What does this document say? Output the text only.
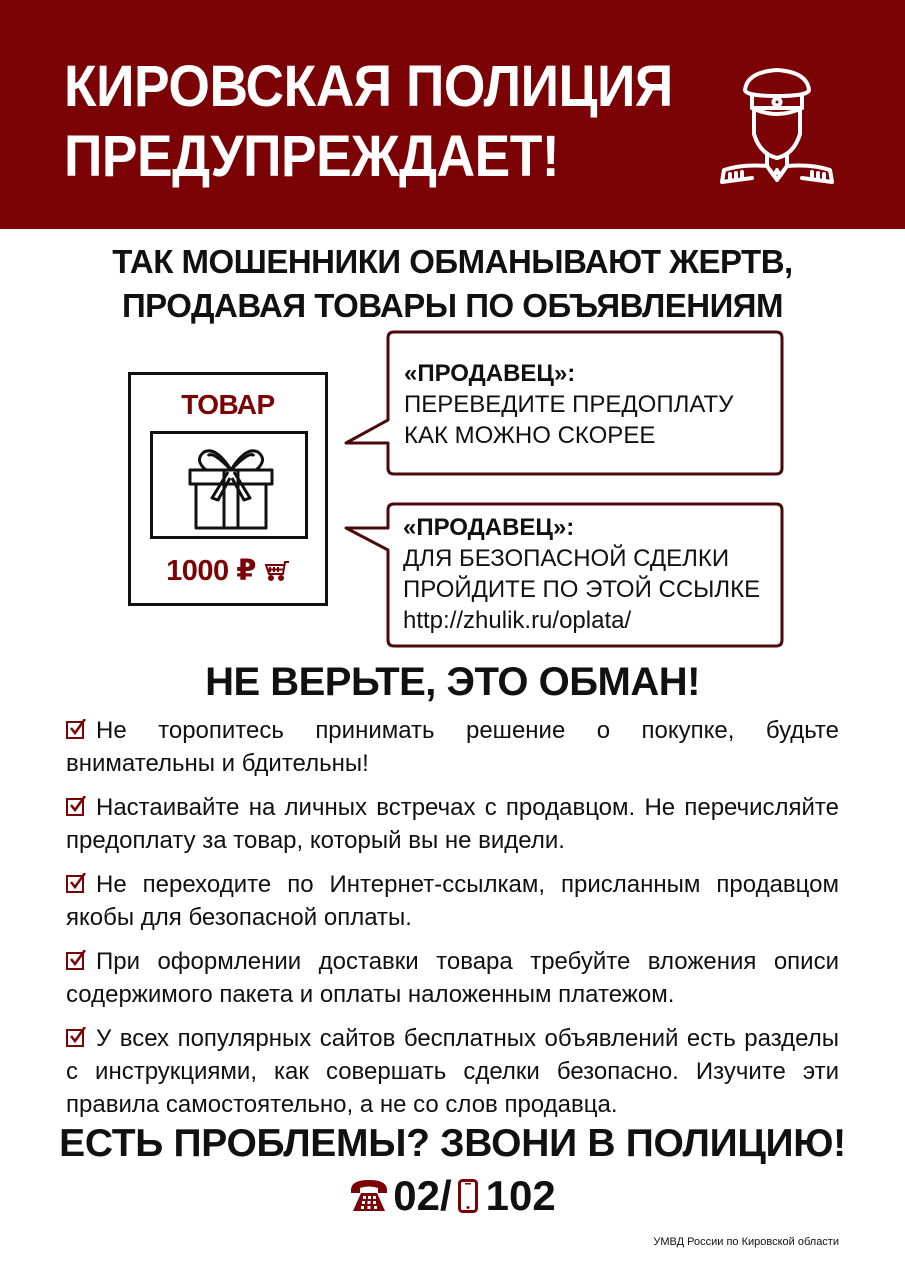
КИРОВСКАЯ ПОЛИЦИЯ
ПРЕДУПРЕЖДАЕТ!
ТАК МОШЕННИКИ ОБМАНЫВАЮТ ЖЕРТВ,
ПРОДАВАЯ ТОВАРЫ ПО ОБЪЯВЛЕНИЯМ
ТОВАР
1000 ₽
«ПРОДАВЕЦ»:
ПЕРЕВЕДИТЕ ПРЕДОПЛАТУ
КАК МОЖНО СКОРЕЕ
«ПРОДАВЕЦ»:
ДЛЯ БЕЗОПАСНОЙ СДЕЛКИ
ПРОЙДИТЕ ПО ЭТОЙ ССЫЛКЕ
http://zhulik.ru/oplata/
НЕ ВЕРЬТЕ, ЭТО ОБМАН!
Не торопитесь принимать решение о покупке, будьте внимательны и бдительны!
Настаивайте на личных встречах с продавцом. Не перечисляйте предоплату за товар, который вы не видели.
Не переходите по Интернет-ссылкам, присланным продавцом якобы для безопасной оплаты.
При оформлении доставки товара требуйте вложения описи содержимого пакета и оплаты наложенным платежом.
У всех популярных сайтов бесплатных объявлений есть разделы с инструкциями, как совершать сделки безопасно. Изучите эти правила самостоятельно, а не со слов продавца.
ЕСТЬ ПРОБЛЕМЫ? ЗВОНИ В ПОЛИЦИЮ!
02/ 102
УМВД России по Кировской области
